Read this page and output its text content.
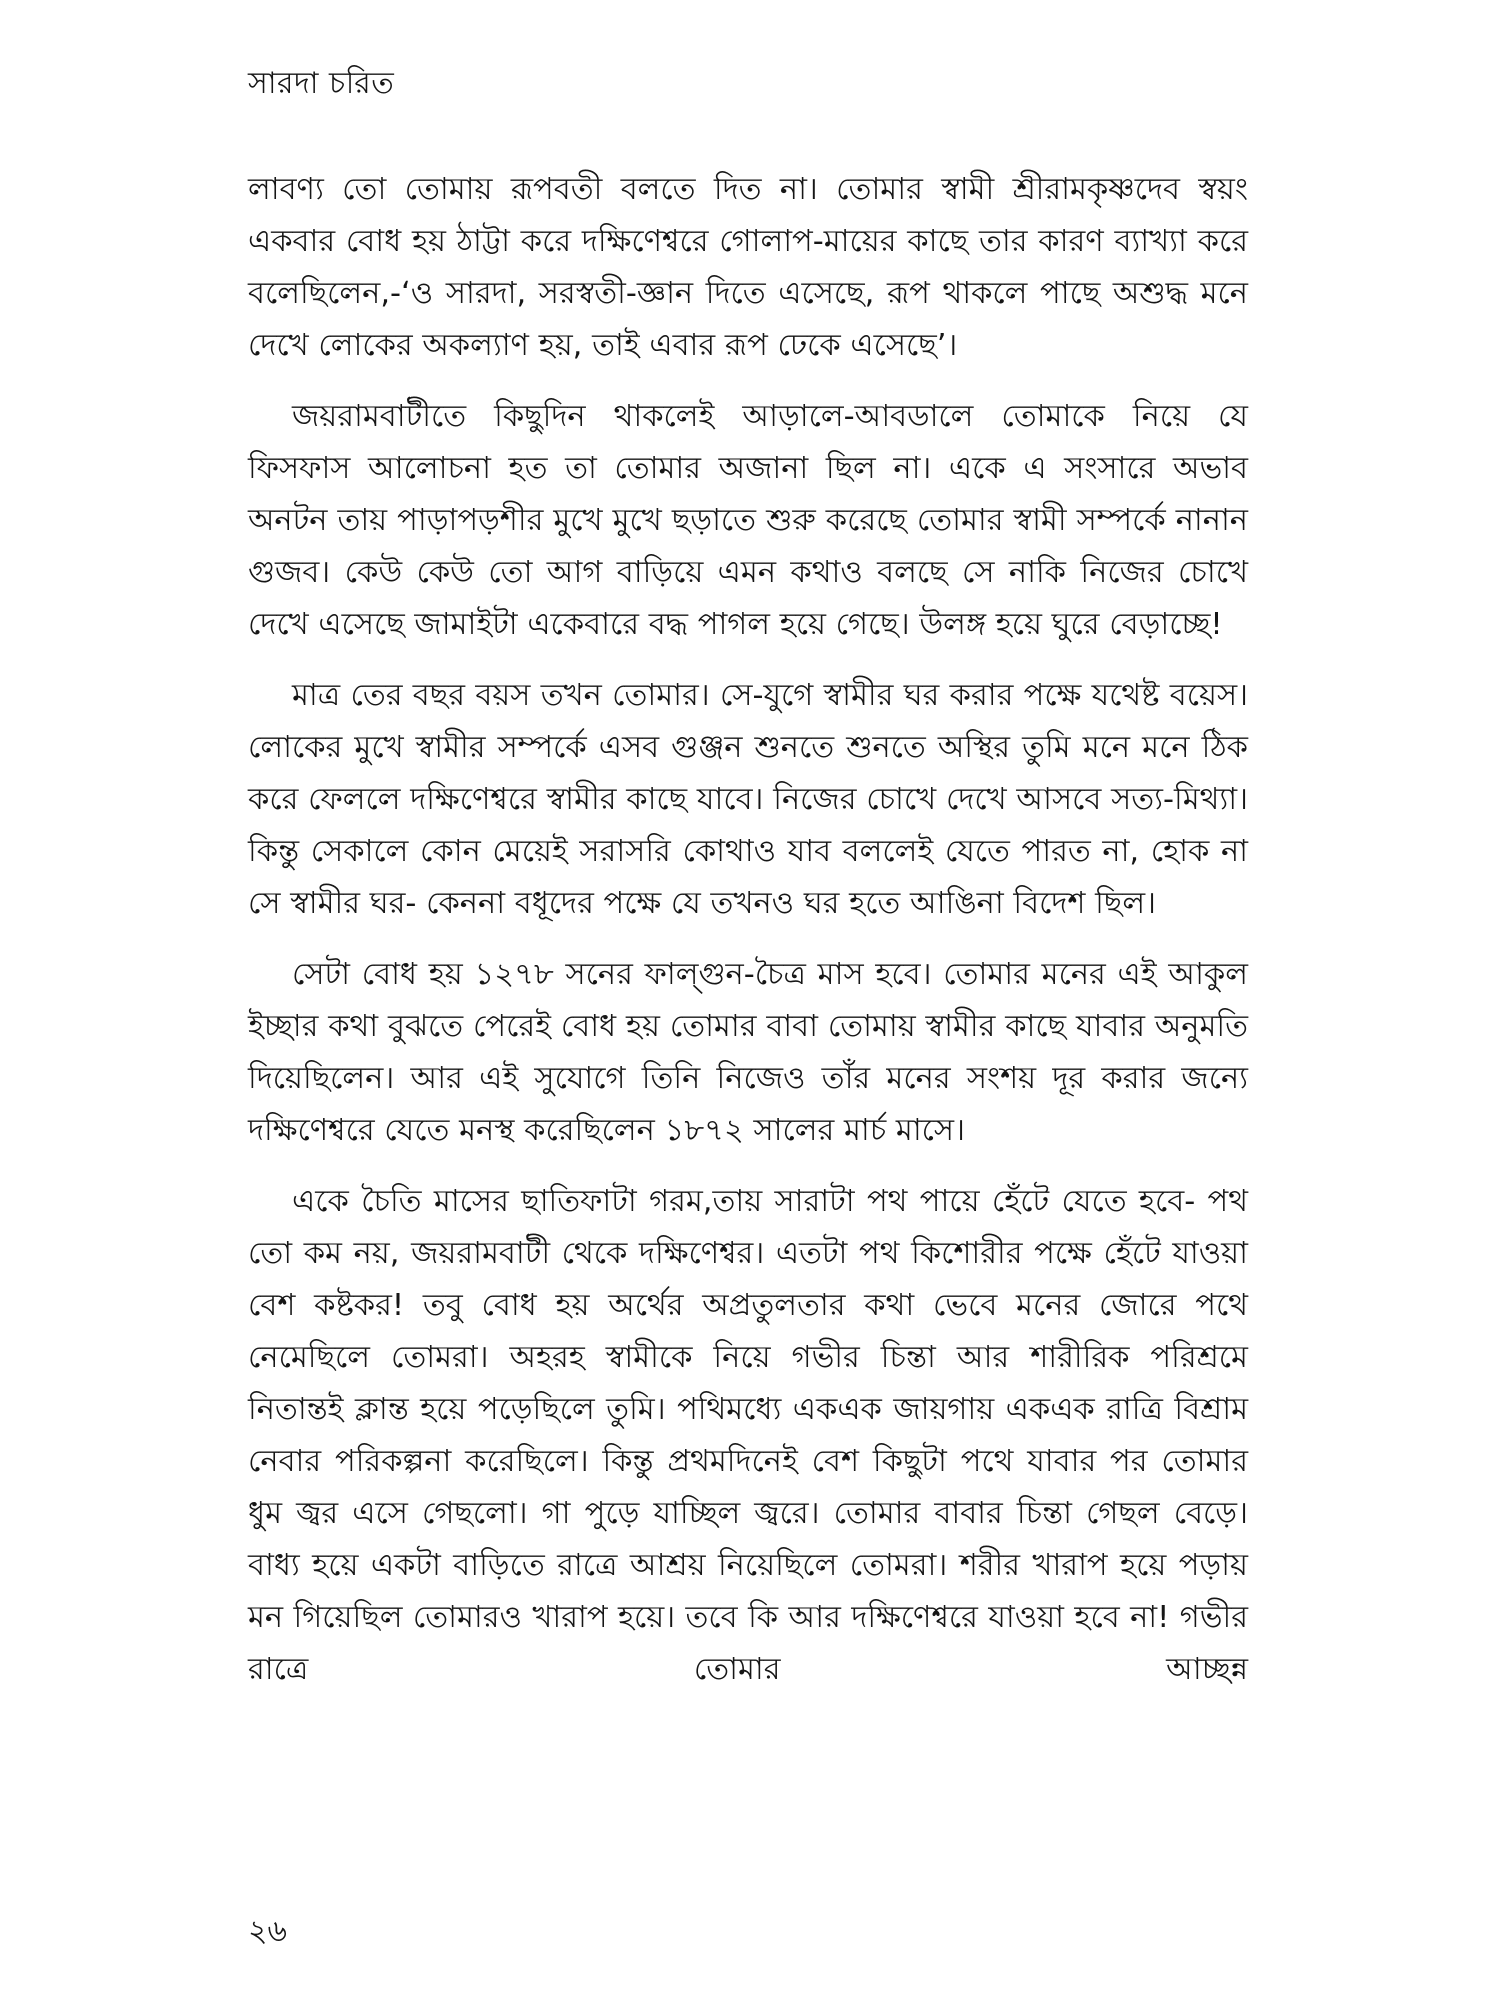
সারদা চরিত

লাবণ্য তো তোমায় রূপবতী বলতে দিত না। তোমার স্বামী শ্রীরামকৃষ্ণদেব স্বয়ং একবার বোধ হয় ঠাট্টা করে দক্ষিণেশ্বরে গোলাপ-মায়ের কাছে তার কারণ ব্যাখ্যা করে বলেছিলেন,-‘ও সারদা, সরস্বতী-জ্ঞান দিতে এসেছে, রূপ থাকলে পাছে অশুদ্ধ মনে দেখে লোকের অকল্যাণ হয়, তাই এবার রূপ ঢেকে এসেছে’।

জয়রামবাটীতে কিছুদিন থাকলেই আড়ালে-আবডালে তোমাকে নিয়ে যে ফিসফাস আলোচনা হত তা তোমার অজানা ছিল না। একে এ সংসারে অভাব অনটন তায় পাড়াপড়শীর মুখে মুখে ছড়াতে শুরু করেছে তোমার স্বামী সম্পর্কে নানান গুজব। কেউ কেউ তো আগ বাড়িয়ে এমন কথাও বলছে সে নাকি নিজের চোখে দেখে এসেছে জামাইটা একেবারে বদ্ধ পাগল হয়ে গেছে। উলঙ্গ হয়ে ঘুরে বেড়াচ্ছে!

মাত্র তের বছর বয়স তখন তোমার। সে-যুগে স্বামীর ঘর করার পক্ষে যথেষ্ট বয়েস। লোকের মুখে স্বামীর সম্পর্কে এসব গুঞ্জন শুনতে শুনতে অস্থির তুমি মনে মনে ঠিক করে ফেললে দক্ষিণেশ্বরে স্বামীর কাছে যাবে। নিজের চোখে দেখে আসবে সত্য-মিথ্যা। কিন্তু সেকালে কোন মেয়েই সরাসরি কোথাও যাব বললেই যেতে পারত না, হোক না সে স্বামীর ঘর- কেননা বধূদের পক্ষে যে তখনও ঘর হতে আঙিনা বিদেশ ছিল।

সেটা বোধ হয় ১২৭৮ সনের ফাল্গুন-চৈত্র মাস হবে। তোমার মনের এই আকুল ইচ্ছার কথা বুঝতে পেরেই বোধ হয় তোমার বাবা তোমায় স্বামীর কাছে যাবার অনুমতি দিয়েছিলেন। আর এই সুযোগে তিনি নিজেও তাঁর মনের সংশয় দূর করার জন্যে দক্ষিণেশ্বরে যেতে মনস্থ করেছিলেন ১৮৭২ সালের মার্চ মাসে।

একে চৈতি মাসের ছাতিফাটা গরম,তায় সারাটা পথ পায়ে হেঁটে যেতে হবে- পথ তো কম নয়, জয়রামবাটী থেকে দক্ষিণেশ্বর। এতটা পথ কিশোরীর পক্ষে হেঁটে যাওয়া বেশ কষ্টকর! তবু বোধ হয় অর্থের অপ্রতুলতার কথা ভেবে মনের জোরে পথে নেমেছিলে তোমরা। অহরহ স্বামীকে নিয়ে গভীর চিন্তা আর শারীরিক পরিশ্রমে নিতান্তই ক্লান্ত হয়ে পড়েছিলে তুমি। পথিমধ্যে একএক জায়গায় একএক রাত্রি বিশ্রাম নেবার পরিকল্পনা করেছিলে। কিন্তু প্রথমদিনেই বেশ কিছুটা পথে যাবার পর তোমার ধুম জ্বর এসে গেছলো। গা পুড়ে যাচ্ছিল জ্বরে। তোমার বাবার চিন্তা গেছল বেড়ে। বাধ্য হয়ে একটা বাড়িতে রাত্রে আশ্রয় নিয়েছিলে তোমরা। শরীর খারাপ হয়ে পড়ায় মন গিয়েছিল তোমারও খারাপ হয়ে। তবে কি আর দক্ষিণেশ্বরে যাওয়া হবে না! গভীর রাত্রে তোমার আচ্ছন্ন

২৬
